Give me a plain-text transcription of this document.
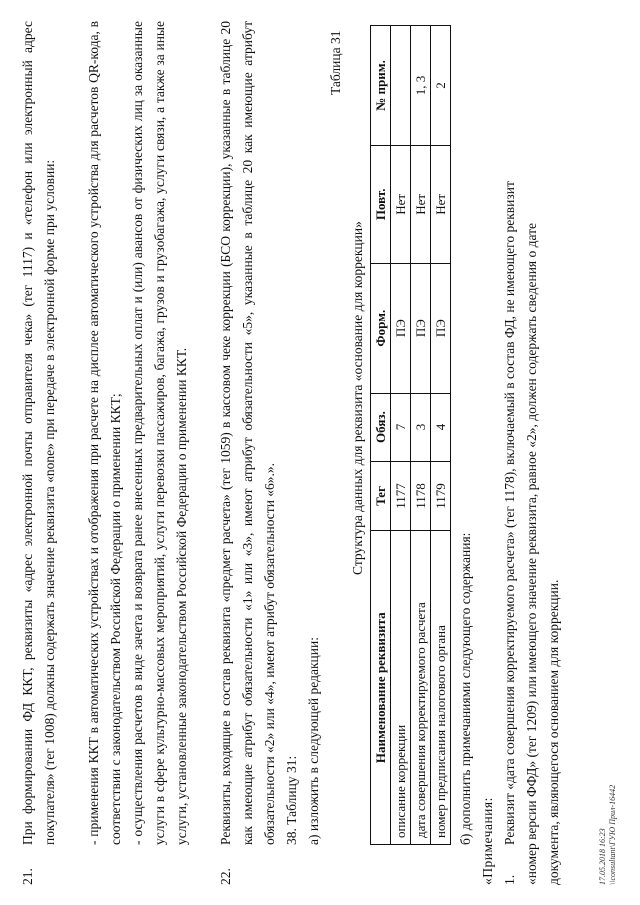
21.
При формировании ФД ККТ, реквизиты «адрес электронной почты отправителя чека» (тег 1117) и «телефон или электронный адрес покупателя» (тег 1008) должны содержать значение реквизита «none» при передаче в электронной форме при условии: - применения ККТ в автоматических устройствах и отображения при расчете на дисплее автоматического устройства для расчетов QR-кода, в соответствии с законодательством Российской Федерации о применении ККТ; - осуществления расчетов в виде зачета и возврата ранее внесенных предварительных оплат и (или) авансов от физических лиц за оказанные услуги в сфере культурно-массовых мероприятий, услуги перевозки пассажиров, багажа, грузов и грузобагажа, услуги связи, а также за иные услуги, установленные законодательством Российской Федерации о применении ККТ.
22.
Реквизиты, входящие в состав реквизита «предмет расчета» (тег 1059) в кассовом чеке коррекции (БСО коррекции), указанные в таблице 20 как имеющие атрибут обязательности «1» или «3», имеют атрибут обязательности «5», указанные в таблице 20 как имеющие атрибут обязательности «2» или «4», имеют атрибут обязательности «6».». 38. Таблицу 31: а) изложить в следующей редакции:
Таблица 31
Структура данных для реквизита «основание для коррекции»
Наименование реквизита	Тег	Обяз.	Форм.	Повт.	№ прим.
описание коррекции	1177	7	ПЭ	Нет	
дата совершения корректируемого расчета	1178	3	ПЭ	Нет	1, 3
номер предписания налогового органа	1179	4	ПЭ	Нет	2
б) дополнить примечаниями следующего содержания: «Примечания: 1.
Реквизит «дата совершения корректируемого расчета» (тег 1178), включаемый в состав ФД, не имеющего реквизит «номер версии ФФД» (тег 1209) или имеющего значение реквизита, равное «2», должен содержать сведения о дате документа, являющегося основанием для коррекции.	17.05.2018 16:23 \\consultant\ГУЮ Прил-16442
